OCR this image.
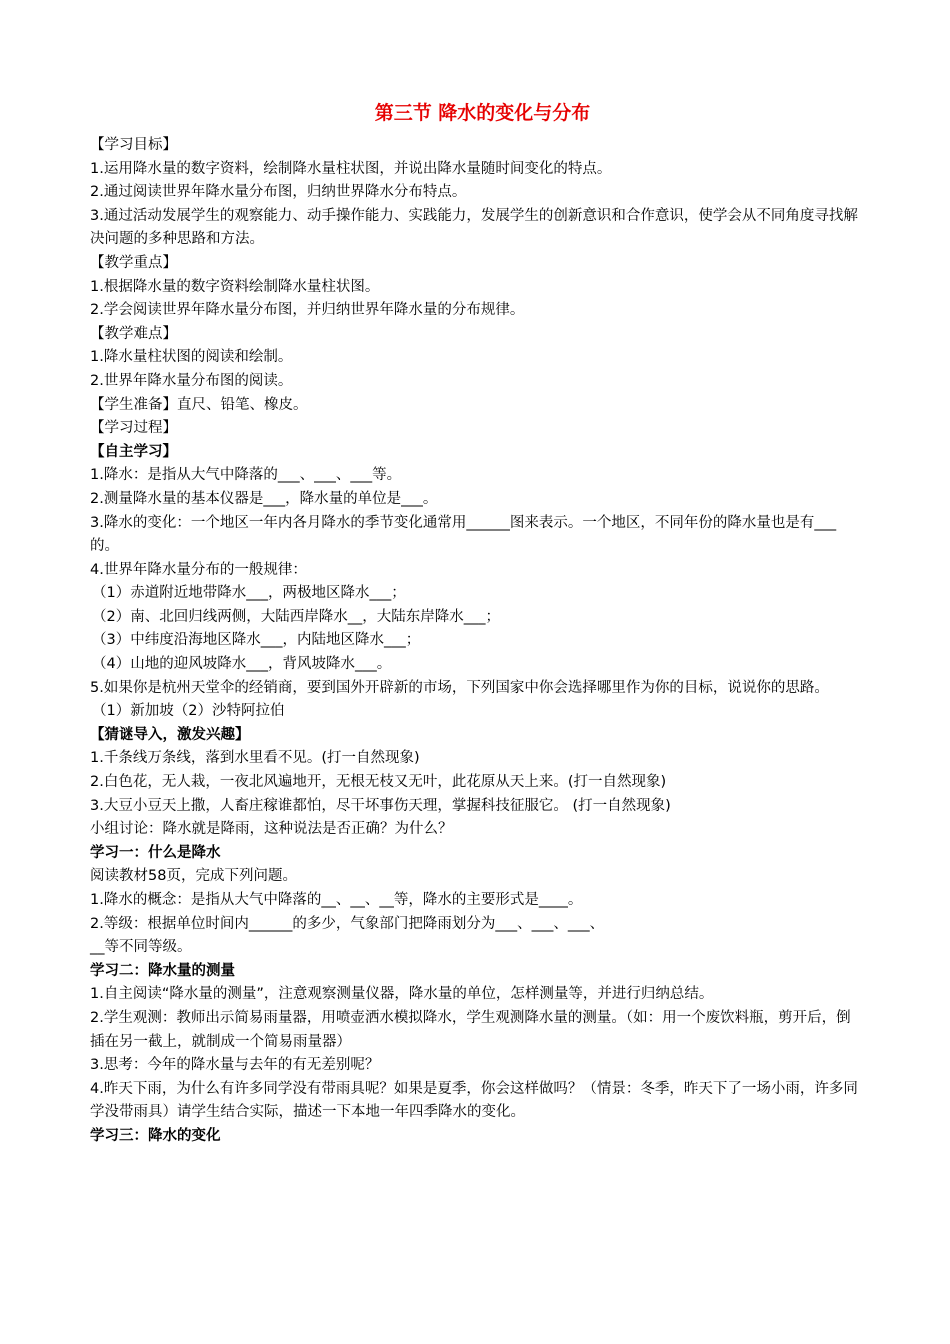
第三节 降水的变化与分布
【学习目标】
1.运用降水量的数字资料，绘制降水量柱状图，并说出降水量随时间变化的特点。
2.通过阅读世界年降水量分布图，归纳世界降水分布特点。
3.通过活动发展学生的观察能力、动手操作能力、实践能力，发展学生的创新意识和合作意识，使学会从不同角度寻找解决问题的多种思路和方法。
【教学重点】
1.根据降水量的数字资料绘制降水量柱状图。
2.学会阅读世界年降水量分布图，并归纳世界年降水量的分布规律。
【教学难点】
1.降水量柱状图的阅读和绘制。
2.世界年降水量分布图的阅读。
【学生准备】直尺、铅笔、橡皮。
【学习过程】
【自主学习】
1.降水：是指从大气中降落的___、___、___等。
2.测量降水量的基本仪器是___，降水量的单位是___。
3.降水的变化：一个地区一年内各月降水的季节变化通常用______图来表示。一个地区，不同年份的降水量也是有___的。
4.世界年降水量分布的一般规律：
（1）赤道附近地带降水___，两极地区降水___；
（2）南、北回归线两侧，大陆西岸降水__，大陆东岸降水___；
（3）中纬度沿海地区降水___，内陆地区降水___；
（4）山地的迎风坡降水___，背风坡降水___。
5.如果你是杭州天堂伞的经销商，要到国外开辟新的市场，下列国家中你会选择哪里作为你的目标，说说你的思路。
（1）新加坡（2）沙特阿拉伯
【猜谜导入，激发兴趣】
1.千条线万条线，落到水里看不见。(打一自然现象)
2.白色花，无人栽，一夜北风遍地开，无根无枝又无叶，此花原从天上来。(打一自然现象)
3.大豆小豆天上撒，人畜庄稼谁都怕，尽干坏事伤天理，掌握科技征服它。 (打一自然现象)
小组讨论：降水就是降雨，这种说法是否正确？为什么？
学习一：什么是降水
阅读教材58页，完成下列问题。
1.降水的概念：是指从大气中降落的__、__、__等，降水的主要形式是____。
2.等级：根据单位时间内______的多少，气象部门把降雨划分为___、___、___、
__等不同等级。
学习二：降水量的测量
1.自主阅读“降水量的测量”，注意观察测量仪器，降水量的单位，怎样测量等，并进行归纳总结。
2.学生观测：教师出示简易雨量器，用喷壶洒水模拟降水，学生观测降水量的测量。（如：用一个废饮料瓶，剪开后，倒插在另一截上，就制成一个简易雨量器）
3.思考：今年的降水量与去年的有无差别呢？
4.昨天下雨，为什么有许多同学没有带雨具呢？如果是夏季，你会这样做吗？（情景：冬季，昨天下了一场小雨，许多同学没带雨具）请学生结合实际，描述一下本地一年四季降水的变化。
学习三：降水的变化
